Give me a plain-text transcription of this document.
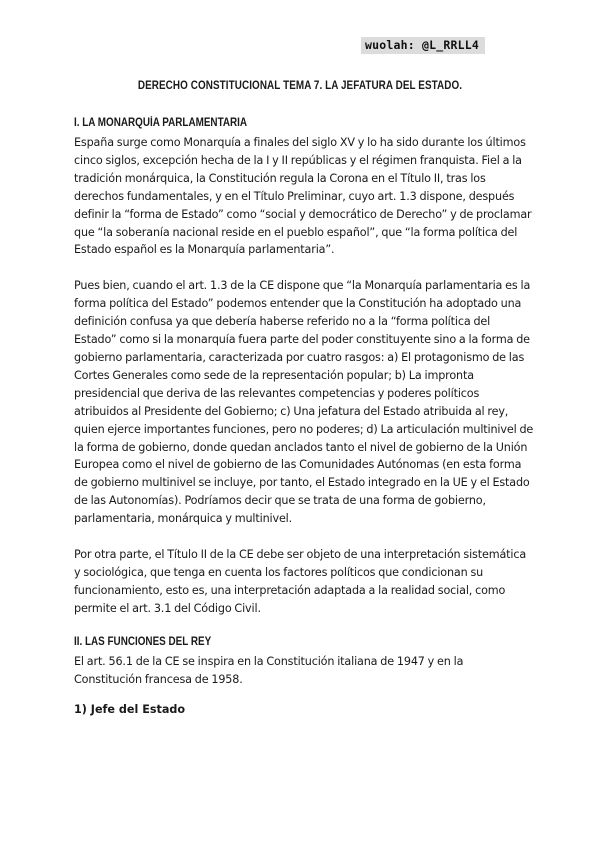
wuolah: @L_RRLL4
DERECHO CONSTITUCIONAL TEMA 7. LA JEFATURA DEL ESTADO.
I. LA MONARQUÍA PARLAMENTARIA

España surge como Monarquía a finales del siglo XV y lo ha sido durante los últimos cinco siglos, excepción hecha de la I y II repúblicas y el régimen franquista. Fiel a la tradición monárquica, la Constitución regula la Corona en el Título II, tras los derechos fundamentales, y en el Título Preliminar, cuyo art. 1.3 dispone, después definir la “forma de Estado” como “social y democrático de Derecho” y de proclamar que “la soberanía nacional reside en el pueblo español”, que “la forma política del Estado español es la Monarquía parlamentaria”.

Pues bien, cuando el art. 1.3 de la CE dispone que “la Monarquía parlamentaria es la forma política del Estado” podemos entender que la Constitución ha adoptado una definición confusa ya que debería haberse referido no a la “forma política del Estado” como si la monarquía fuera parte del poder constituyente sino a la forma de gobierno parlamentaria, caracterizada por cuatro rasgos: a) El protagonismo de las Cortes Generales como sede de la representación popular; b) La impronta presidencial que deriva de las relevantes competencias y poderes políticos atribuidos al Presidente del Gobierno; c) Una jefatura del Estado atribuida al rey, quien ejerce importantes funciones, pero no poderes; d) La articulación multinivel de la forma de gobierno, donde quedan anclados tanto el nivel de gobierno de la Unión Europea como el nivel de gobierno de las Comunidades Autónomas (en esta forma de gobierno multinivel se incluye, por tanto, el Estado integrado en la UE y el Estado de las Autonomías). Podríamos decir que se trata de una forma de gobierno, parlamentaria, monárquica y multinivel.

Por otra parte, el Título II de la CE debe ser objeto de una interpretación sistemática y sociológica, que tenga en cuenta los factores políticos que condicionan su funcionamiento, esto es, una interpretación adaptada a la realidad social, como permite el art. 3.1 del Código Civil.

II. LAS FUNCIONES DEL REY

El art. 56.1 de la CE se inspira en la Constitución italiana de 1947 y en la Constitución francesa de 1958.

1) Jefe del Estado
